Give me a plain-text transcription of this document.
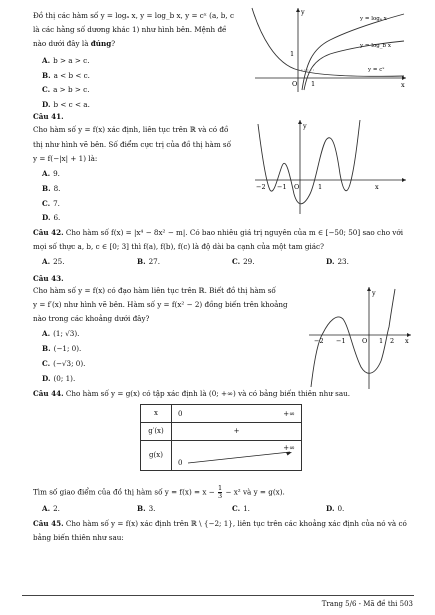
Đồ thị các hàm số y = logₐ x, y = log_b x, y = cˣ (a, b, c
là các hằng số dương khác 1) như hình bên. Mệnh đề
nào dưới đây là đúng?
A. b > a > c.
B. a < b < c.
C. a > b > c.
D. b < c < a.
y
x
O 1
1
y = logₐ x
y = log_b x
y = cˣ
Câu 41.
Cho hàm số y = f(x) xác định, liên tục trên ℝ và có đồ
thị như hình vẽ bên. Số điểm cực trị của đồ thị hàm số
y = f(−|x| + 1) là:
A. 9.
B. 8.
C. 7.
D. 6.
y
x
−2 −1 O	1
Câu 42. Cho hàm số f(x) = |x⁴ − 8x² − m|. Có bao nhiêu giá trị nguyên của m ∈ [−50; 50] sao cho với
mọi số thực a, b, c ∈ [0; 3] thì f(a), f(b), f(c) là độ dài ba cạnh của một tam giác?
A. 25.	B. 27.	C. 29.	D. 23.
Câu 43.
Cho hàm số y = f(x) có đạo hàm liên tục trên ℝ. Biết đồ thị hàm số
y = f′(x) như hình vẽ bên. Hàm số y = f(x² − 2) đồng biến trên khoảng
nào trong các khoảng dưới đây?
A. (1; √3).
B. (−1; 0).
C. (−√3; 0).
D. (0; 1).
y
x
−2 −1	O 1 2
Câu 44. Cho hàm số y = g(x) có tập xác định là (0; +∞) và có bảng biến thiên như sau.
x	0 +∞

g′(x)	+
g(x)	+∞
0
Tìm số giao điểm của đồ thị hàm số $y = f(x) = x - \frac{1}{3} - x^2$ và y = g(x).
A. 2.	B. 3.	C. 1.	D. 0.
Câu 45. Cho hàm số y = f(x) xác định trên ℝ \ {−2; 1}, liên tục trên các khoảng xác định của nó và có
bảng biến thiên như sau:
Trang 5/6 - Mã đề thi 503
